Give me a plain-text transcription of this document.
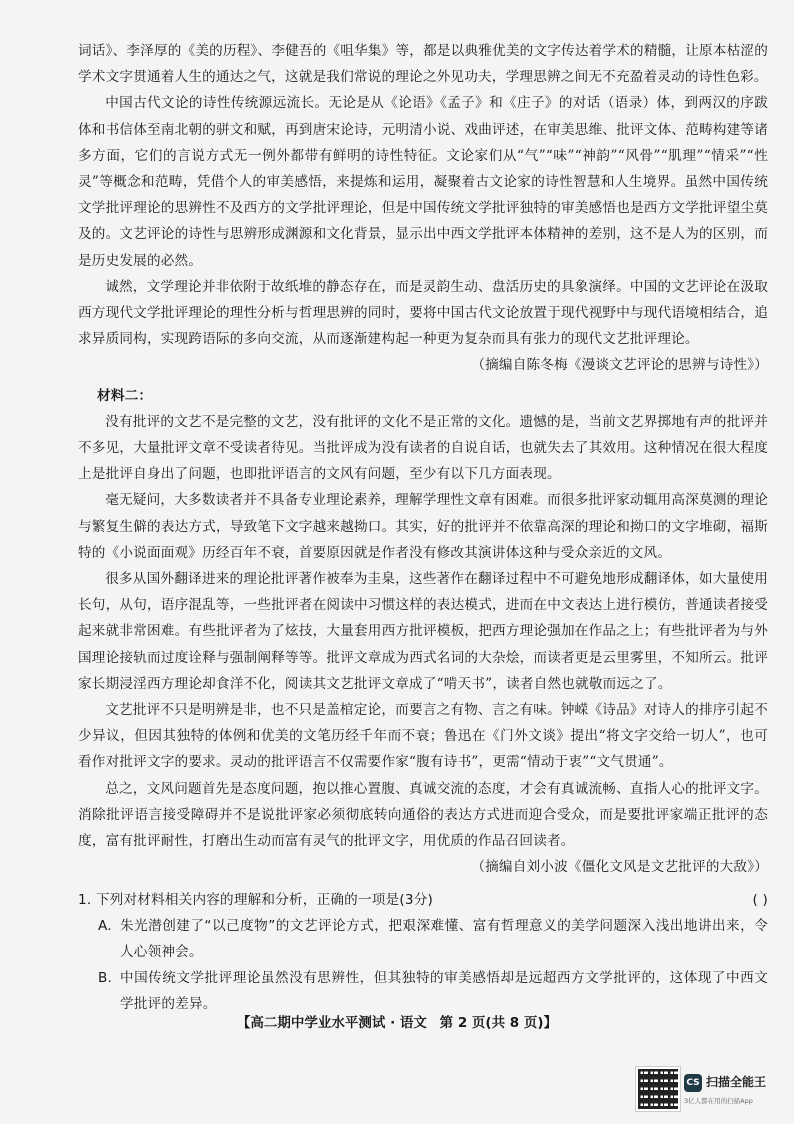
词话》、李泽厚的《美的历程》、李健吾的《咀华集》等，都是以典雅优美的文字传达着学术的精髓，让原本枯涩的学术文字贯通着人生的通达之气，这就是我们常说的理论之外见功夫，学理思辨之间无不充盈着灵动的诗性色彩。

中国古代文论的诗性传统源远流长。无论是从《论语》《孟子》和《庄子》的对话（语录）体，到两汉的序跋体和书信体至南北朝的骈文和赋，再到唐宋论诗，元明清小说、戏曲评述，在审美思维、批评文体、范畴构建等诸多方面，它们的言说方式无一例外都带有鲜明的诗性特征。文论家们从“气”“味”“神韵”“风骨”“肌理”“情采”“性灵”等概念和范畴，凭借个人的审美感悟，来提炼和运用，凝聚着古文论家的诗性智慧和人生境界。虽然中国传统文学批评理论的思辨性不及西方的文学批评理论，但是中国传统文学批评独特的审美感悟也是西方文学批评望尘莫及的。文艺评论的诗性与思辨形成渊源和文化背景，显示出中西文学批评本体精神的差别，这不是人为的区别，而是历史发展的必然。

诚然，文学理论并非依附于故纸堆的静态存在，而是灵韵生动、盘活历史的具象演绎。中国的文艺评论在汲取西方现代文学批评理论的理性分析与哲理思辨的同时，要将中国古代文论放置于现代视野中与现代语境相结合，追求异质同构，实现跨语际的多向交流，从而逐渐建构起一种更为复杂而具有张力的现代文艺批评理论。

（摘编自陈冬梅《漫谈文艺评论的思辨与诗性》）

材料二：

没有批评的文艺不是完整的文艺，没有批评的文化不是正常的文化。遗憾的是，当前文艺界掷地有声的批评并不多见，大量批评文章不受读者待见。当批评成为没有读者的自说自话，也就失去了其效用。这种情况在很大程度上是批评自身出了问题，也即批评语言的文风有问题，至少有以下几方面表现。

毫无疑问，大多数读者并不具备专业理论素养，理解学理性文章有困难。而很多批评家动辄用高深莫测的理论与繁复生僻的表达方式，导致笔下文字越来越拗口。其实，好的批评并不依靠高深的理论和拗口的文字堆砌，福斯特的《小说面面观》历经百年不衰，首要原因就是作者没有修改其演讲体这种与受众亲近的文风。

很多从国外翻译进来的理论批评著作被奉为圭臬，这些著作在翻译过程中不可避免地形成翻译体，如大量使用长句，从句，语序混乱等，一些批评者在阅读中习惯这样的表达模式，进而在中文表达上进行模仿，普通读者接受起来就非常困难。有些批评者为了炫技，大量套用西方批评模板，把西方理论强加在作品之上；有些批评者为与外国理论接轨而过度诠释与强制阐释等等。批评文章成为西式名词的大杂烩，而读者更是云里雾里，不知所云。批评家长期浸淫西方理论却食洋不化，阅读其文艺批评文章成了“啃天书”，读者自然也就敬而远之了。

文艺批评不只是明辨是非，也不只是盖棺定论，而要言之有物、言之有味。钟嵘《诗品》对诗人的排序引起不少异议，但因其独特的体例和优美的文笔历经千年而不衰；鲁迅在《门外文谈》提出“将文字交给一切人”，也可看作对批评文字的要求。灵动的批评语言不仅需要作家“腹有诗书”，更需“情动于衷”“文气贯通”。

总之，文风问题首先是态度问题，抱以推心置腹、真诚交流的态度，才会有真诚流畅、直指人心的批评文字。消除批评语言接受障碍并不是说批评家必须彻底转向通俗的表达方式进而迎合受众，而是要批评家端正批评的态度，富有批评耐性，打磨出生动而富有灵气的批评文字，用优质的作品召回读者。

（摘编自刘小波《僵化文风是文艺批评的大敌》）

1. 下列对材料相关内容的理解和分析，正确的一项是(3分)	( )

A. 朱光潜创建了“以己度物”的文艺评论方式，把艰深难懂、富有哲理意义的美学问题深入浅出地讲出来，令人心领神会。

B. 中国传统文学批评理论虽然没有思辨性，但其独特的审美感悟却是远超西方文学批评的，这体现了中西文学批评的差异。

【高二期中学业水平测试 · 语文 第 2 页(共 8 页)】
CS 扫描全能王
3亿人都在用的扫描App
